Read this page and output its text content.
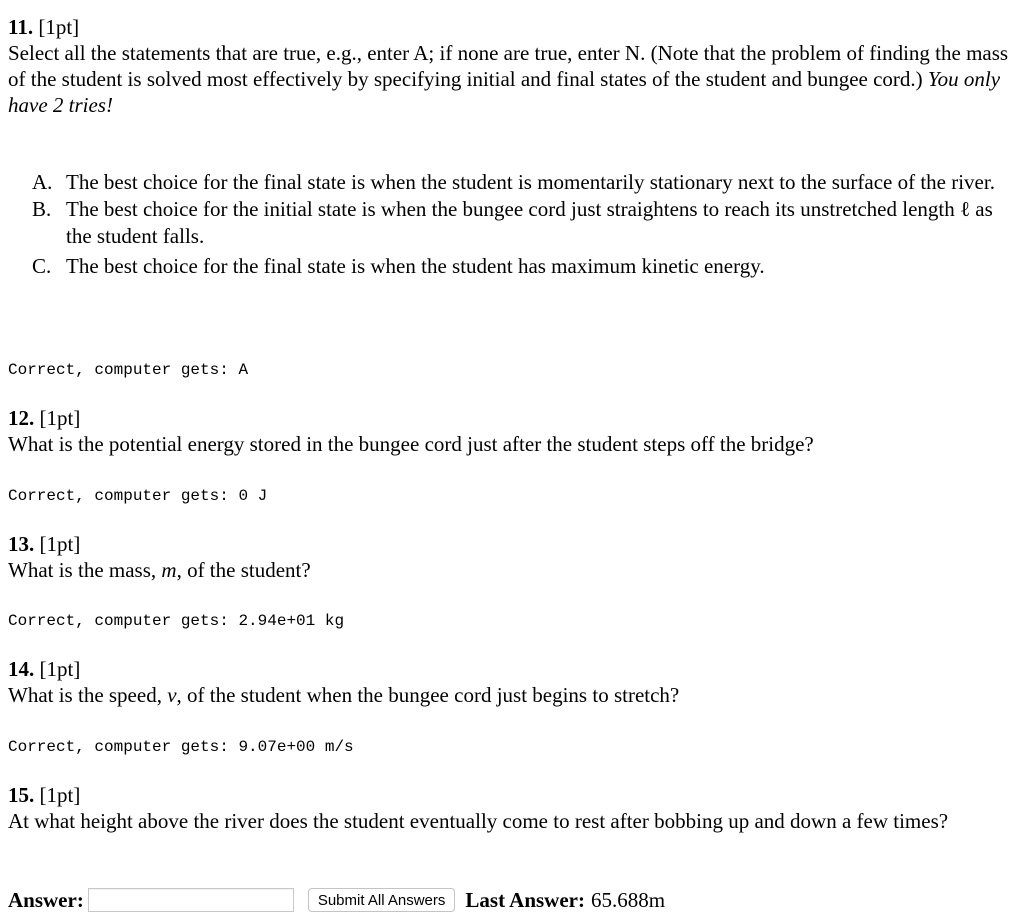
11. [1pt]
Select all the statements that are true, e.g., enter A; if none are true, enter N. (Note that the problem of finding the mass of the student is solved most effectively by specifying initial and final states of the student and bungee cord.) You only have 2 tries!
A. The best choice for the final state is when the student is momentarily stationary next to the surface of the river.
B. The best choice for the initial state is when the bungee cord just straightens to reach its unstretched length ℓ as the student falls.
C. The best choice for the final state is when the student has maximum kinetic energy.
Correct, computer gets: A
12. [1pt]
What is the potential energy stored in the bungee cord just after the student steps off the bridge?
Correct, computer gets: 0 J
13. [1pt]
What is the mass, m, of the student?
Correct, computer gets: 2.94e+01 kg
14. [1pt]
What is the speed, v, of the student when the bungee cord just begins to stretch?
Correct, computer gets: 9.07e+00 m/s
15. [1pt]
At what height above the river does the student eventually come to rest after bobbing up and down a few times?
Answer:	Submit All Answers Last Answer: 65.688m
